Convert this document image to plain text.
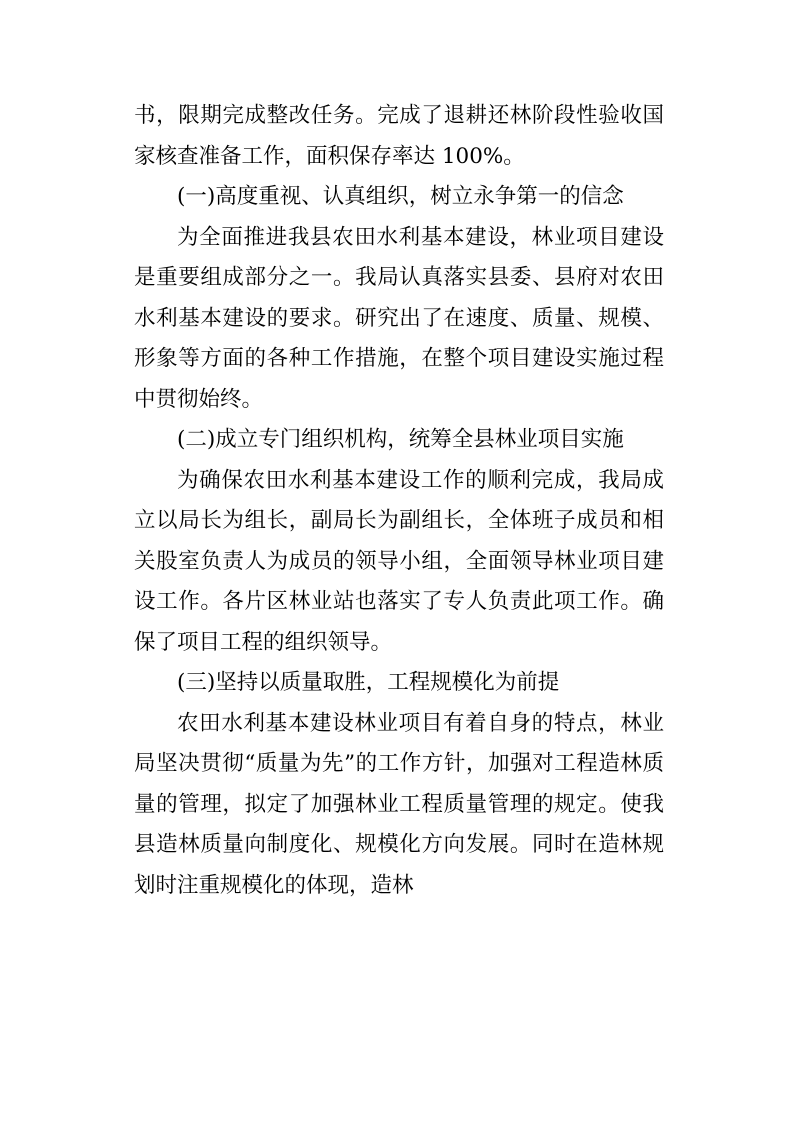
书，限期完成整改任务。完成了退耕还林阶段性验收国家核查准备工作，面积保存率达 100%。

(一)高度重视、认真组织，树立永争第一的信念

为全面推进我县农田水利基本建设，林业项目建设是重要组成部分之一。我局认真落实县委、县府对农田水利基本建设的要求。研究出了在速度、质量、规模、形象等方面的各种工作措施，在整个项目建设实施过程中贯彻始终。

(二)成立专门组织机构，统筹全县林业项目实施

为确保农田水利基本建设工作的顺利完成，我局成立以局长为组长，副局长为副组长，全体班子成员和相关股室负责人为成员的领导小组，全面领导林业项目建设工作。各片区林业站也落实了专人负责此项工作。确保了项目工程的组织领导。

(三)坚持以质量取胜，工程规模化为前提

农田水利基本建设林业项目有着自身的特点，林业局坚决贯彻“质量为先”的工作方针，加强对工程造林质量的管理，拟定了加强林业工程质量管理的规定。使我县造林质量向制度化、规模化方向发展。同时在造林规划时注重规模化的体现，造林
